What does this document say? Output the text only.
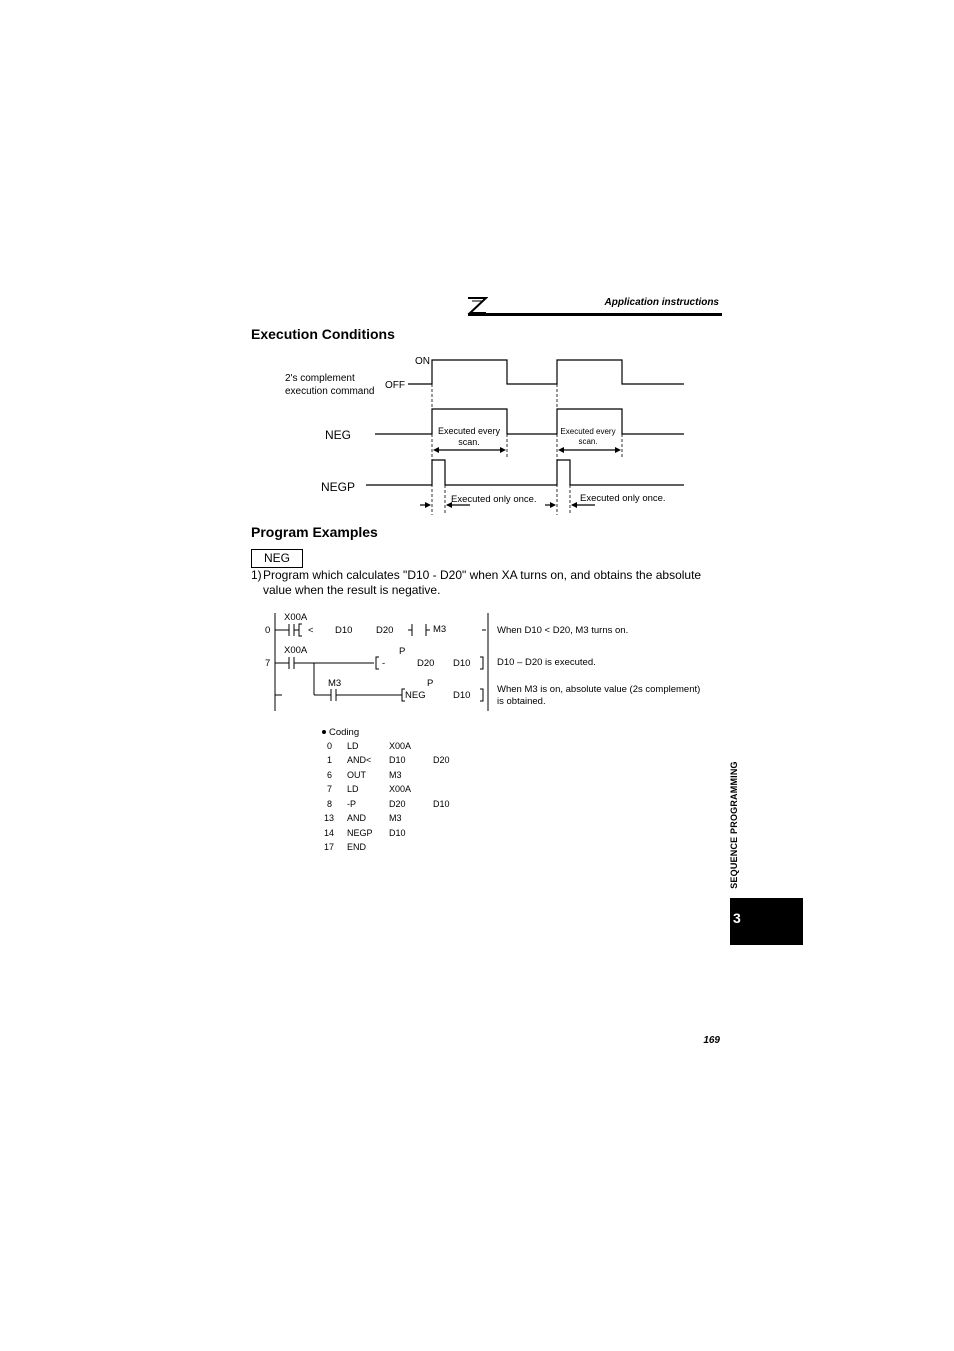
Application instructions
Execution Conditions
ON
OFF
2's complement
execution command
NEG
NEGP
Executed every
scan.
Executed every
scan.
Executed only once.	Executed only once.
Program Examples
NEG
1) Program which calculates "D10 - D20" when XA turns on, and obtains the absolute value when the result is negative.
0
7
X00A
X00A
M3
< D10 D20	M3
P
-	D20 D10
P
NEG	D10
When D10 < D20, M3 turns on.
D10 – D20 is executed.
When M3 is on, absolute value (2s complement)
is obtained.
Coding
0 LD	X00A
1 AND< D10	D20
6 OUT	M3
7 LD	X00A
8 -P	D20	D10
13 AND	M3
14 NEGP D10
17 END	SEQUENCE PROGRAMMING
3
169
